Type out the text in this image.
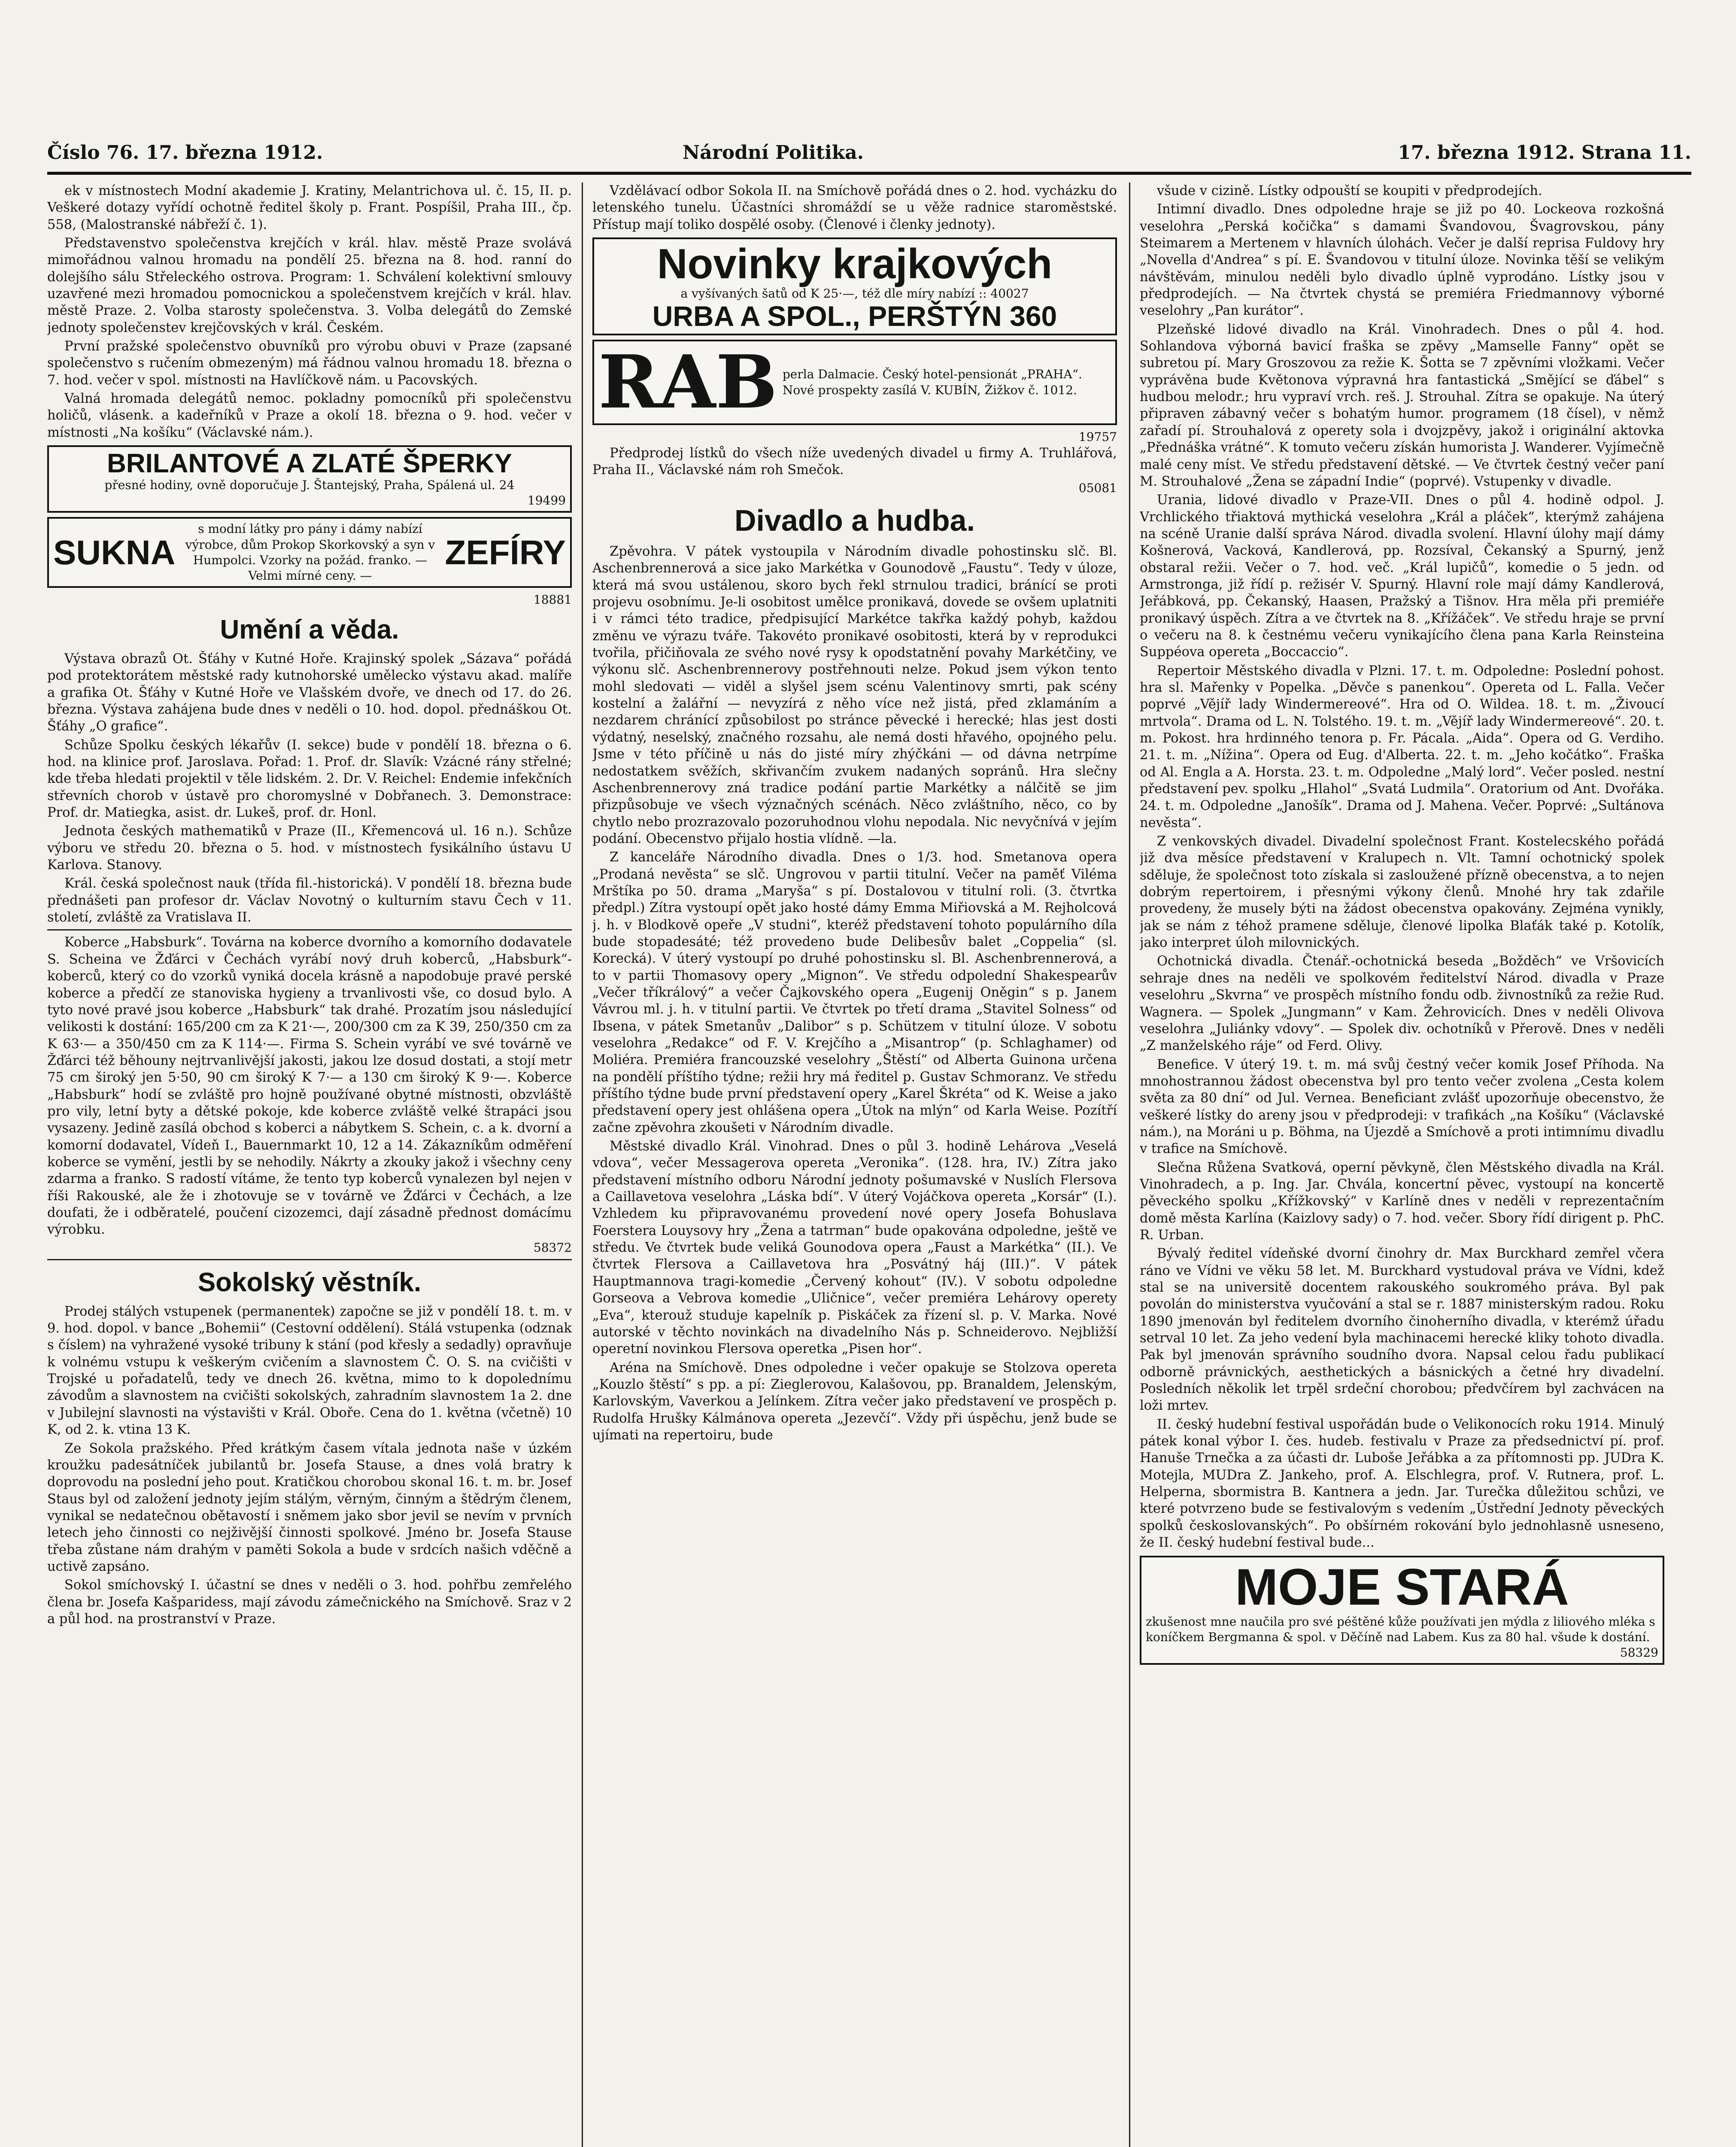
Číslo 76. 17. března 1912.	Národní Politika.	17. března 1912. Strana 11.

ek v místnostech Modní akademie J. Kratiny, Melantrichova ul. č. 15, II. p. Veškeré dotazy vyřídí ochotně ředitel školy p. Frant. Pospíšil, Praha III., čp. 558, (Malostranské nábřeží č. 1).

Představenstvo společenstva krejčích v král. hlav. městě Praze svolává mimořádnou valnou hromadu na pondělí 25. března na 8. hod. ranní do dolejšího sálu Střeleckého ostrova. Program: 1. Schválení kolektivní smlouvy uzavřené mezi hromadou pomocnickou a společenstvem krejčích v král. hlav. městě Praze. 2. Volba starosty společenstva. 3. Volba delegátů do Zemské jednoty společenstev krejčovských v král. Českém.

První pražské společenstvo obuvníků pro výrobu obuvi v Praze (zapsané společenstvo s ručením obmezeným) má řádnou valnou hromadu 18. března o 7. hod. večer v spol. místnosti na Havlíčkově nám. u Pacovských.

Valná hromada delegátů nemoc. pokladny pomocníků při společenstvu holičů, vlásenk. a kadeřníků v Praze a okolí 18. března o 9. hod. večer v místnosti „Na košíku“ (Václavské nám.).

BRILANTOVÉ A ZLATÉ ŠPERKY
přesné hodiny, ovně doporučuje J. Štantejský, Praha, Spálená ul. 24
19499
SUKNA
s modní látky pro pány i dámy nabízí výrobce, dům Prokop Skorkovský a syn v Humpolci. Vzorky na požád. franko. — Velmi mírné ceny. —
ZEFÍRY
18881
Umění a věda.

Výstava obrazů Ot. Šťáhy v Kutné Hoře. Krajinský spolek „Sázava“ pořádá pod protektorátem městské rady kutnohorské umělecko výstavu akad. malíře a grafika Ot. Šťáhy v Kutné Hoře ve Vlašském dvoře, ve dnech od 17. do 26. března. Výstava zahájena bude dnes v neděli o 10. hod. dopol. přednáškou Ot. Šťáhy „O grafice“.

Schůze Spolku českých lékařův (I. sekce) bude v pondělí 18. března o 6. hod. na klinice prof. Jaroslava. Pořad: 1. Prof. dr. Slavík: Vzácné rány střelné; kde třeba hledati projektil v těle lidském. 2. Dr. V. Reichel: Endemie infekčních střevních chorob v ústavě pro choromyslné v Dobřanech. 3. Demonstrace: Prof. dr. Matiegka, asist. dr. Lukeš, prof. dr. Honl.

Jednota českých mathematiků v Praze (II., Křemencová ul. 16 n.). Schůze výboru ve středu 20. března o 5. hod. v místnostech fysikálního ústavu U Karlova. Stanovy.

Král. česká společnost nauk (třída fil.-historická). V pondělí 18. března bude přednášeti pan profesor dr. Václav Novotný o kulturním stavu Čech v 11. století, zvláště za Vratislava II.

Koberce „Habsburk“. Továrna na koberce dvorního a komorního dodavatele S. Scheina ve Žďárci v Čechách vyrábí nový druh koberců, „Habsburk“-koberců, který co do vzorků vyniká docela krásně a napodobuje pravé perské koberce a předčí ze stanoviska hygieny a trvanlivosti vše, co dosud bylo. A tyto nové pravé jsou koberce „Habsburk“ tak drahé. Prozatím jsou následující velikosti k dostání: 165/200 cm za K 21·—, 200/300 cm za K 39, 250/350 cm za K 63·— a 350/450 cm za K 114·—. Firma S. Schein vyrábí ve své továrně ve Žďárci též běhouny nejtrvanlivější jakosti, jakou lze dosud dostati, a stojí metr 75 cm široký jen 5·50, 90 cm široký K 7·— a 130 cm široký K 9·—. Koberce „Habsburk“ hodí se zvláště pro hojně používané obytné místnosti, obzvláště pro vily, letní byty a dětské pokoje, kde koberce zvláště velké štrapáci jsou vysazeny. Jedině zasílá obchod s koberci a nábytkem S. Schein, c. a k. dvorní a komorní dodavatel, Vídeň I., Bauernmarkt 10, 12 a 14. Zákazníkům odměření koberce se vymění, jestli by se nehodily. Nákrty a zkouky jakož i všechny ceny zdarma a franko. S radostí vítáme, že tento typ koberců vynalezen byl nejen v říši Rakouské, ale že i zhotovuje se v továrně ve Žďárci v Čechách, a lze doufati, že i odběratelé, poučení cizozemci, dají zásadně přednost domácímu výrobku.

58372
Sokolský věstník.

Prodej stálých vstupenek (permanentek) započne se již v pondělí 18. t. m. v 9. hod. dopol. v bance „Bohemii“ (Cestovní oddělení). Stálá vstupenka (odznak s číslem) na vyhražené vysoké tribuny k stání (pod křesly a sedadly) opravňuje k volnému vstupu k veškerým cvičením a slavnostem Č. O. S. na cvičišti v Trojské u pořadatelů, tedy ve dnech 26. května, mimo to k dopolednímu závodům a slavnostem na cvičišti sokolských, zahradním slavnostem 1a 2. dne v Jubilejní slavnosti na výstavišti v Král. Oboře. Cena do 1. května (včetně) 10 K, od 2. k. vtina 13 K.

Ze Sokola pražského. Před krátkým časem vítala jednota naše v úzkém kroužku padesátníček jubilantů br. Josefa Stause, a dnes volá bratry k doprovodu na poslední jeho pout. Kratičkou chorobou skonal 16. t. m. br. Josef Staus byl od založení jednoty jejím stálým, věrným, činným a štědrým členem, vynikal se nedatečnou obětavostí i sněmem jako sbor jevil se nevím v prvních letech jeho činnosti co nejživější činnosti spolkové. Jméno br. Josefa Stause třeba zůstane nám drahým v paměti Sokola a bude v srdcích našich vděčně a uctivě zapsáno.

Sokol smíchovský I. účastní se dnes v neděli o 3. hod. pohřbu zemřelého člena br. Josefa Kašparidess, mají závodu zámečnického na Smíchově. Sraz v 2 a půl hod. na prostranství v Praze.

Vzdělávací odbor Sokola II. na Smíchově pořádá dnes o 2. hod. vycházku do letenského tunelu. Účastníci shromáždí se u věže radnice staroměstské. Přístup mají toliko dospělé osoby. (Členové i členky jednoty).

Novinky krajkových
a vyšívaných šatů od K 25·—, též dle míry nabízí :: 40027
URBA A SPOL., PERŠTÝN 360
RAB perla Dalmacie. Český hotel-pensionát „PRAHA“. Nové prospekty zasílá V. KUBÍN, Žižkov č. 1012.
19757

Předprodej lístků do všech níže uvedených divadel u firmy A. Truhlářová, Praha II., Václavské nám roh Smečok.

05081
Divadlo a hudba.

Zpěvohra. V pátek vystoupila v Národním divadle pohostinsku slč. Bl. Aschenbrennerová a sice jako Markétka v Gounodově „Faustu“. Tedy v úloze, která má svou ustálenou, skoro bych řekl strnulou tradici, bránící se proti projevu osobnímu. Je-li osobitost umělce pronikavá, dovede se ovšem uplatniti i v rámci této tradice, předpisující Markétce takřka každý pohyb, každou změnu ve výrazu tváře. Takovéto pronikavé osobitosti, která by v reprodukci tvořila, přičiňovala ze svého nové rysy k opodstatnění povahy Markétčiny, ve výkonu slč. Aschenbrennerovy postřehnouti nelze. Pokud jsem výkon tento mohl sledovati — viděl a slyšel jsem scénu Valentinovy smrti, pak scény kostelní a žalářní — nevyzírá z něho více než jistá, před zklamáním a nezdarem chránící způsobilost po stránce pěvecké i herecké; hlas jest dosti výdatný, neselský, značného rozsahu, ale nemá dosti hřavého, opojného pelu. Jsme v této příčině u nás do jisté míry zhýčkáni — od dávna netrpíme nedostatkem svěžích, skřivančím zvukem nadaných sopránů. Hra slečny Aschenbrennerovy zná tradice podání partie Markétky a nálčitě se jim přizpůsobuje ve všech význačných scénách. Něco zvláštního, něco, co by chytlo nebo prozrazovalo pozoruhodnou vlohu nepodala. Nic nevyčnívá v jejím podání. Obecenstvo přijalo hostia vlídně. —la.

Z kanceláře Národního divadla. Dnes o 1/3. hod. Smetanova opera „Prodaná nevěsta“ se slč. Ungrovou v partii titulní. Večer na paměť Viléma Mrštíka po 50. drama „Maryša“ s pí. Dostalovou v titulní roli. (3. čtvrtka předpl.) Zítra vystoupí opět jako hosté dámy Emma Miřiovská a M. Rejholcová j. h. v Blodkově opeře „V studni“, kteréž představení tohoto populárního díla bude stopadesáté; též provedeno bude Delibesův balet „Coppelia“ (sl. Korecká). V úterý vystoupí po druhé pohostinsku sl. Bl. Aschenbrennerová, a to v partii Thomasovy opery „Mignon“. Ve středu odpolední Shakespearův „Večer tříkrálový“ a večer Čajkovského opera „Eugenij Oněgin“ s p. Janem Vávrou ml. j. h. v titulní partii. Ve čtvrtek po třetí drama „Stavitel Solness“ od Ibsena, v pátek Smetanův „Dalibor“ s p. Schützem v titulní úloze. V sobotu veselohra „Redakce“ od F. V. Krejčího a „Misantrop“ (p. Schlaghamer) od Moliéra. Premiéra francouzské veselohry „Štěstí“ od Alberta Guinona určena na pondělí příštího týdne; režii hry má ředitel p. Gustav Schmoranz. Ve středu příštího týdne bude první představení opery „Karel Škréta“ od K. Weise a jako představení opery jest ohlášena opera „Útok na mlýn“ od Karla Weise. Pozítří začne zpěvohra zkoušeti v Národním divadle.

Městské divadlo Král. Vinohrad. Dnes o půl 3. hodině Lehárova „Veselá vdova“, večer Messagerova opereta „Veronika“. (128. hra, IV.) Zítra jako představení místního odboru Národní jednoty pošumavské v Nuslích Flersova a Caillavetova veselohra „Láska bdí“. V úterý Vojáčkova opereta „Korsár“ (I.). Vzhledem ku připravovanému provedení nové opery Josefa Bohuslava Foerstera Louysovy hry „Žena a tatrman“ bude opakována odpoledne, ještě ve středu. Ve čtvrtek bude veliká Gounodova opera „Faust a Markétka“ (II.). Ve čtvrtek Flersova a Caillavetova hra „Posvátný háj (III.)“. V pátek Hauptmannova tragi-komedie „Červený kohout“ (IV.). V sobotu odpoledne Gorseova a Vebrova komedie „Uličnice“, večer premiéra Lehárovy operety „Eva“, kterouž studuje kapelník p. Piskáček za řízení sl. p. V. Marka. Nové autorské v těchto novinkách na divadelního Nás p. Schneiderovo. Nejbližší operetní novinkou Flersova operetka „Pisen hor“.

Aréna na Smíchově. Dnes odpoledne i večer opakuje se Stolzova opereta „Kouzlo štěstí“ s pp. a pí: Zieglerovou, Kalašovou, pp. Branaldem, Jelenským, Karlovským, Vaverkou a Jelínkem. Zítra večer jako představení ve prospěch p. Rudolfa Hrušky Kálmánova opereta „Jezevčí“. Vždy při úspěchu, jenž bude se ujímati na repertoiru, bude

všude v cizině. Lístky odpouští se koupiti v předprodejích.

Intimní divadlo. Dnes odpoledne hraje se již po 40. Lockeova rozkošná veselohra „Perská kočička“ s damami Švandovou, Švagrovskou, pány Steimarem a Mertenem v hlavních úlohách. Večer je další reprisa Fuldovy hry „Novella d'Andrea“ s pí. E. Švandovou v titulní úloze. Novinka těší se velikým návštěvám, minulou neděli bylo divadlo úplně vyprodáno. Lístky jsou v předprodejích. — Na čtvrtek chystá se premiéra Friedmannovy výborné veselohry „Pan kurátor“.

Plzeňské lidové divadlo na Král. Vinohradech. Dnes o půl 4. hod. Sohlandova výborná bavicí fraška se zpěvy „Mamselle Fanny“ opět se subretou pí. Mary Groszovou za režie K. Šotta se 7 zpěvními vložkami. Večer vyprávěna bude Květonova výpravná hra fantastická „Smějící se ďábel“ s hudbou melodr.; hru vypraví vrch. reš. J. Strouhal. Zítra se opakuje. Na úterý připraven zábavný večer s bohatým humor. programem (18 čísel), v němž zařadí pí. Strouhalová z operety sola i dvojzpěvy, jakož i originální aktovka „Přednáška vrátné“. K tomuto večeru získán humorista J. Wanderer. Vyjímečně malé ceny míst. Ve středu představení dětské. — Ve čtvrtek čestný večer paní M. Strouhalové „Žena se západní Indie“ (poprvé). Vstupenky v divadle.

Urania, lidové divadlo v Praze-VII. Dnes o půl 4. hodině odpol. J. Vrchlického třiaktová mythická veselohra „Král a pláček“, kterýmž zahájena na scéně Uranie další správa Národ. divadla svolení. Hlavní úlohy mají dámy Košnerová, Vacková, Kandlerová, pp. Rozsíval, Čekanský a Spurný, jenž obstaral režii. Večer o 7. hod. več. „Král lupičů“, komedie o 5 jedn. od Armstronga, již řídí p. režisér V. Spurný. Hlavní role mají dámy Kandlerová, Jeřábková, pp. Čekanský, Haasen, Pražský a Tišnov. Hra měla při premiéře pronikavý úspěch. Zítra a ve čtvrtek na 8. „Křížáček“. Ve středu hraje se první o večeru na 8. k čestnému večeru vynikajícího člena pana Karla Reinsteina Suppéova opereta „Boccaccio“.

Repertoir Městského divadla v Plzni. 17. t. m. Odpoledne: Poslední pohost. hra sl. Mařenky v Popelka. „Děvče s panenkou“. Opereta od L. Falla. Večer poprvé „Vějíř lady Windermereové“. Hra od O. Wildea. 18. t. m. „Živoucí mrtvola“. Drama od L. N. Tolstého. 19. t. m. „Vějíř lady Windermereové“. 20. t. m. Pokost. hra hrdinného tenora p. Fr. Pácala. „Aida“. Opera od G. Verdiho. 21. t. m. „Nížina“. Opera od Eug. d'Alberta. 22. t. m. „Jeho kočátko“. Fraška od Al. Engla a A. Horsta. 23. t. m. Odpoledne „Malý lord“. Večer posled. nestní představení pev. spolku „Hlahol“ „Svatá Ludmila“. Oratorium od Ant. Dvořáka. 24. t. m. Odpoledne „Janošík“. Drama od J. Mahena. Večer. Poprvé: „Sultánova nevěsta“.

Z venkovských divadel. Divadelní společnost Frant. Kostelecského pořádá již dva měsíce představení v Kralupech n. Vlt. Tamní ochotnický spolek sděluje, že společnost toto získala si zasloužené přízně obecenstva, a to nejen dobrým repertoirem, i přesnými výkony členů. Mnohé hry tak zdařile provedeny, že musely býti na žádost obecenstva opakovány. Zejména vynikly, jak se nám z téhož pramene sděluje, členové lipolka Blaťák také p. Kotolík, jako interpret úloh milovnických.

Ochotnická divadla. Čtenář.-ochotnická beseda „Božděch“ ve Vršovicích sehraje dnes na neděli ve spolkovém ředitelství Národ. divadla v Praze veselohru „Skvrna“ ve prospěch místního fondu odb. živnostníků za režie Rud. Wagnera. — Spolek „Jungmann“ v Kam. Žehrovicích. Dnes v neděli Olivova veselohra „Juliánky vdovy“. — Spolek div. ochotníků v Přerově. Dnes v neděli „Z manželského ráje“ od Ferd. Olivy.

Benefice. V úterý 19. t. m. má svůj čestný večer komik Josef Příhoda. Na mnohostrannou žádost obecenstva byl pro tento večer zvolena „Cesta kolem světa za 80 dní“ od Jul. Vernea. Beneficiant zvlášť upozorňuje obecenstvo, že veškeré lístky do areny jsou v předprodeji: v trafikách „na Košíku“ (Václavské nám.), na Moráni u p. Böhma, na Újezdě a Smíchově a proti intimnímu divadlu v trafice na Smíchově.

Slečna Růžena Svatková, operní pěvkyně, člen Městského divadla na Král. Vinohradech, a p. Ing. Jar. Chvála, koncertní pěvec, vystoupí na koncertě pěveckého spolku „Křížkovský“ v Karlíně dnes v neděli v reprezentačním domě města Karlína (Kaizlovy sady) o 7. hod. večer. Sbory řídí dirigent p. PhC. R. Urban.

Bývalý ředitel vídeňské dvorní činohry dr. Max Burckhard zemřel včera ráno ve Vídni ve věku 58 let. M. Burckhard vystudoval práva ve Vídni, kdež stal se na universitě docentem rakouského soukromého práva. Byl pak povolán do ministerstva vyučování a stal se r. 1887 ministerským radou. Roku 1890 jmenován byl ředitelem dvorního činoherního divadla, v kterémž úřadu setrval 10 let. Za jeho vedení byla machinacemi herecké kliky tohoto divadla. Pak byl jmenován správního soudního dvora. Napsal celou řadu publikací odborně právnických, aesthetických a básnických a četné hry divadelní. Posledních několik let trpěl srdeční chorobou; předvčírem byl zachvácen na loži mrtev.

II. český hudební festival uspořádán bude o Velikonocích roku 1914. Minulý pátek konal výbor I. čes. hudeb. festivalu v Praze za předsednictví pí. prof. Hanuše Trnečka a za účasti dr. Luboše Jeřábka a za přítomnosti pp. JUDra K. Motejla, MUDra Z. Jankeho, prof. A. Elschlegra, prof. V. Rutnera, prof. L. Helperna, sbormistra B. Kantnera a jedn. Jar. Turečka důležitou schůzi, ve které potvrzeno bude se festivalovým s vedením „Ústřední Jednoty pěveckých spolků českoslovanských“. Po obšírném rokování bylo jednohlasně usneseno, že II. český hudební festival bude...

MOJE STARÁ
zkušenost mne naučila pro své péštěné kůže používati jen mýdla z liliového mléka s koníčkem Bergmanna & spol. v Děčíně nad Labem. Kus za 80 hal. všude k dostání.
58329
